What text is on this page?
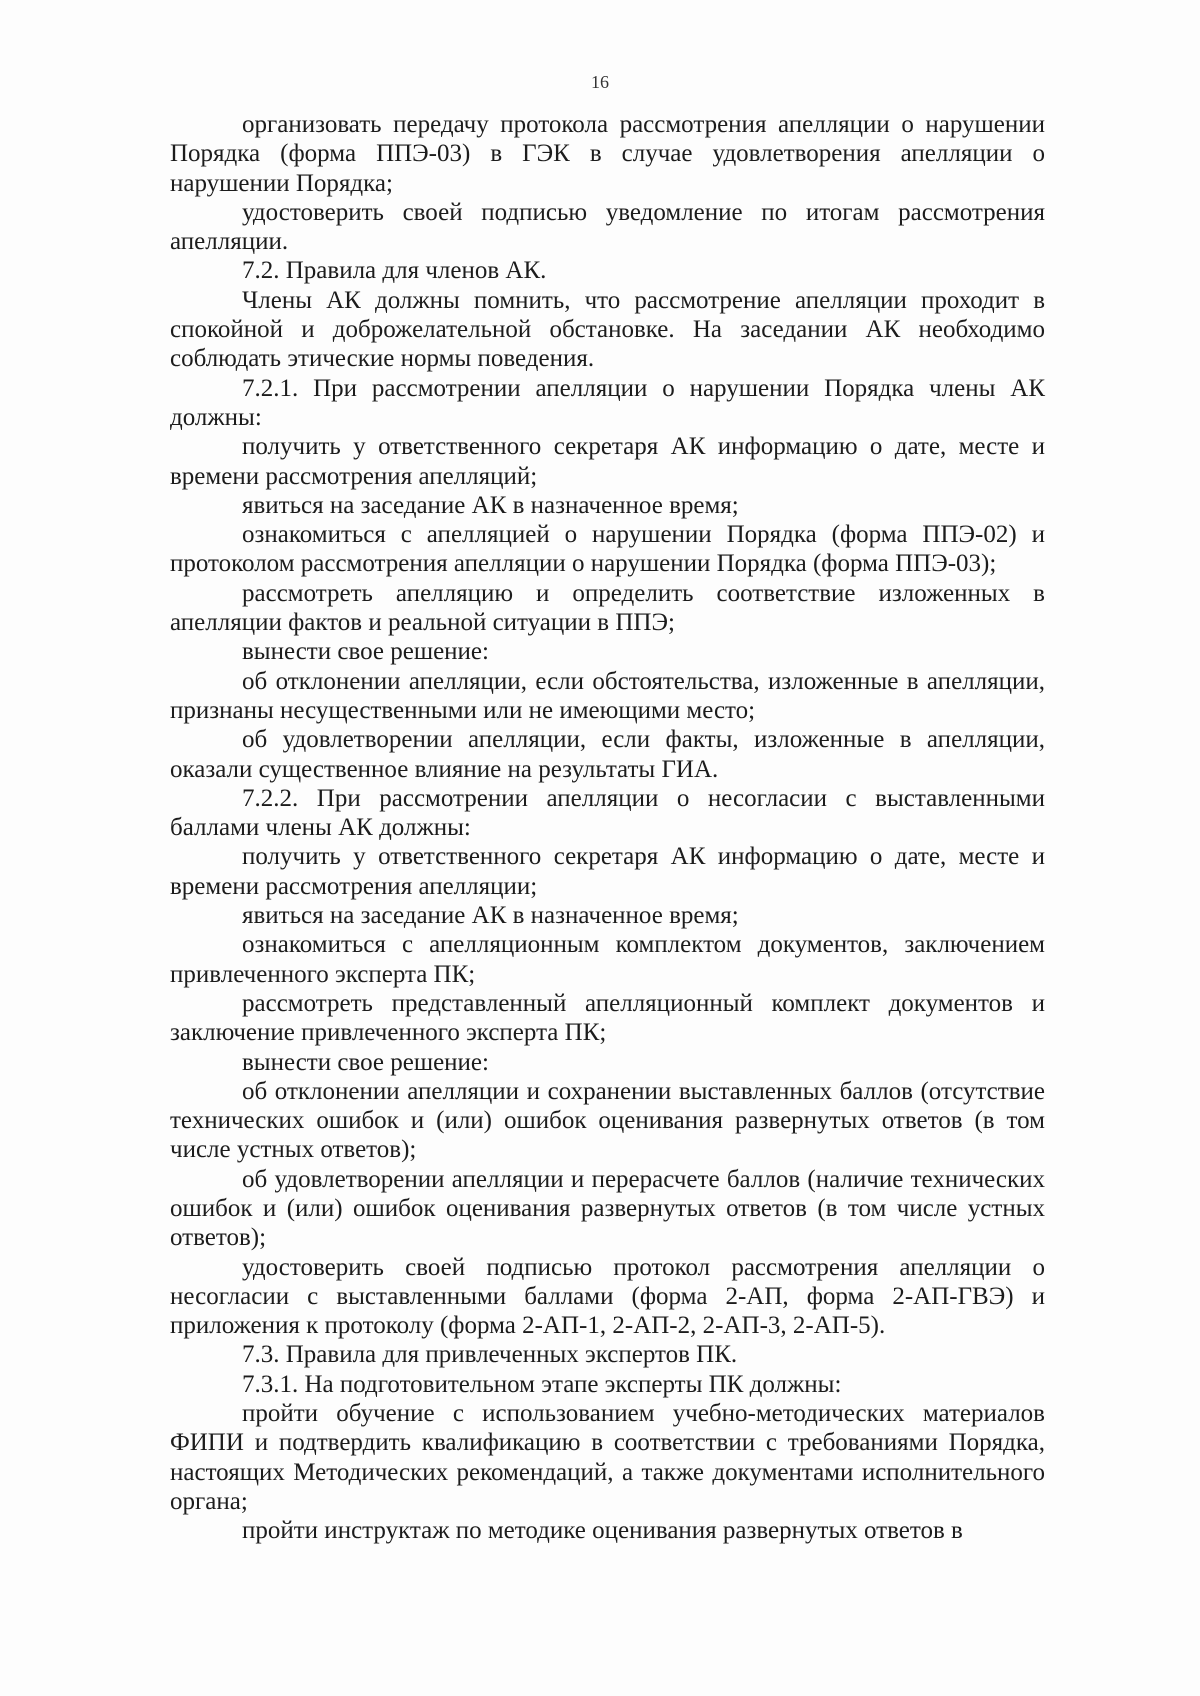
16

организовать передачу протокола рассмотрения апелляции о нарушении Порядка (форма ППЭ-03) в ГЭК в случае удовлетворения апелляции о нарушении Порядка;

удостоверить своей подписью уведомление по итогам рассмотрения апелляции.

7.2. Правила для членов АК.

Члены АК должны помнить, что рассмотрение апелляции проходит в спокойной и доброжелательной обстановке. На заседании АК необходимо соблюдать этические нормы поведения.

7.2.1. При рассмотрении апелляции о нарушении Порядка члены АК должны:

получить у ответственного секретаря АК информацию о дате, месте и времени рассмотрения апелляций;

явиться на заседание АК в назначенное время;

ознакомиться с апелляцией о нарушении Порядка (форма ППЭ-02) и протоколом рассмотрения апелляции о нарушении Порядка (форма ППЭ-03);

рассмотреть апелляцию и определить соответствие изложенных в апелляции фактов и реальной ситуации в ППЭ;

вынести свое решение:

об отклонении апелляции, если обстоятельства, изложенные в апелляции, признаны несущественными или не имеющими место;

об удовлетворении апелляции, если факты, изложенные в апелляции, оказали существенное влияние на результаты ГИА.

7.2.2. При рассмотрении апелляции о несогласии с выставленными баллами члены АК должны:

получить у ответственного секретаря АК информацию о дате, месте и времени рассмотрения апелляции;

явиться на заседание АК в назначенное время;

ознакомиться с апелляционным комплектом документов, заключением привлеченного эксперта ПК;

рассмотреть представленный апелляционный комплект документов и заключение привлеченного эксперта ПК;

вынести свое решение:

об отклонении апелляции и сохранении выставленных баллов (отсутствие технических ошибок и (или) ошибок оценивания развернутых ответов (в том числе устных ответов);

об удовлетворении апелляции и перерасчете баллов (наличие технических ошибок и (или) ошибок оценивания развернутых ответов (в том числе устных ответов);

удостоверить своей подписью протокол рассмотрения апелляции о несогласии с выставленными баллами (форма 2-АП, форма 2-АП-ГВЭ) и приложения к протоколу (форма 2-АП-1, 2-АП-2, 2-АП-3, 2-АП-5).

7.3. Правила для привлеченных экспертов ПК.

7.3.1. На подготовительном этапе эксперты ПК должны:

пройти обучение с использованием учебно-методических материалов ФИПИ и подтвердить квалификацию в соответствии с требованиями Порядка, настоящих Методических рекомендаций, а также документами исполнительного органа;

пройти инструктаж по методике оценивания развернутых ответов в
